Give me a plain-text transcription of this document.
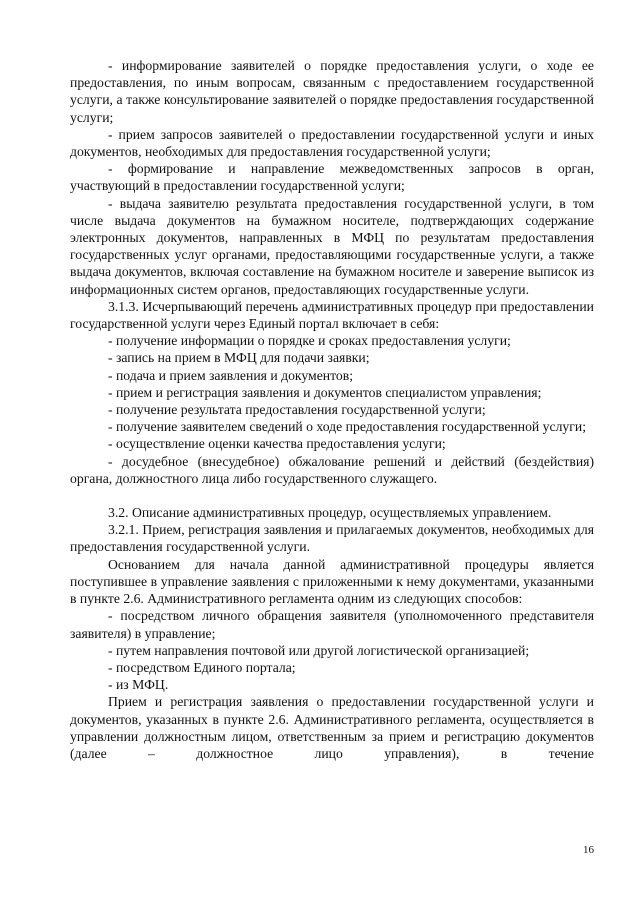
- информирование заявителей о порядке предоставления услуги, о ходе ее предоставления, по иным вопросам, связанным с предоставлением государственной услуги, а также консультирование заявителей о порядке предоставления государственной услуги;

- прием запросов заявителей о предоставлении государственной услуги и иных документов, необходимых для предоставления государственной услуги;

- формирование и направление межведомственных запросов в орган, участвующий в предоставлении государственной услуги;

- выдача заявителю результата предоставления государственной услуги, в том числе выдача документов на бумажном носителе, подтверждающих содержание электронных документов, направленных в МФЦ по результатам предоставления государственных услуг органами, предоставляющими государственные услуги, а также выдача документов, включая составление на бумажном носителе и заверение выписок из информационных систем органов, предоставляющих государственные услуги.

3.1.3. Исчерпывающий перечень административных процедур при предоставлении государственной услуги через Единый портал включает в себя:

- получение информации о порядке и сроках предоставления услуги;

- запись на прием в МФЦ для подачи заявки;

- подача и прием заявления и документов;

- прием и регистрация заявления и документов специалистом управления;

- получение результата предоставления государственной услуги;

- получение заявителем сведений о ходе предоставления государственной услуги;

- осуществление оценки качества предоставления услуги;

- досудебное (внесудебное) обжалование решений и действий (бездействия) органа, должностного лица либо государственного служащего.

3.2. Описание административных процедур, осуществляемых управлением.

3.2.1. Прием, регистрация заявления и прилагаемых документов, необходимых для предоставления государственной услуги.

Основанием для начала данной административной процедуры является поступившее в управление заявления с приложенными к нему документами, указанными в пункте 2.6. Административного регламента одним из следующих способов:

- посредством личного обращения заявителя (уполномоченного представителя заявителя) в управление;

- путем направления почтовой или другой логистической организацией;

- посредством Единого портала;

- из МФЦ.

Прием и регистрация заявления о предоставлении государственной услуги и документов, указанных в пункте 2.6. Административного регламента, осуществляется в управлении должностным лицом, ответственным за прием и регистрацию документов (далее – должностное лицо управления), в течение

16
